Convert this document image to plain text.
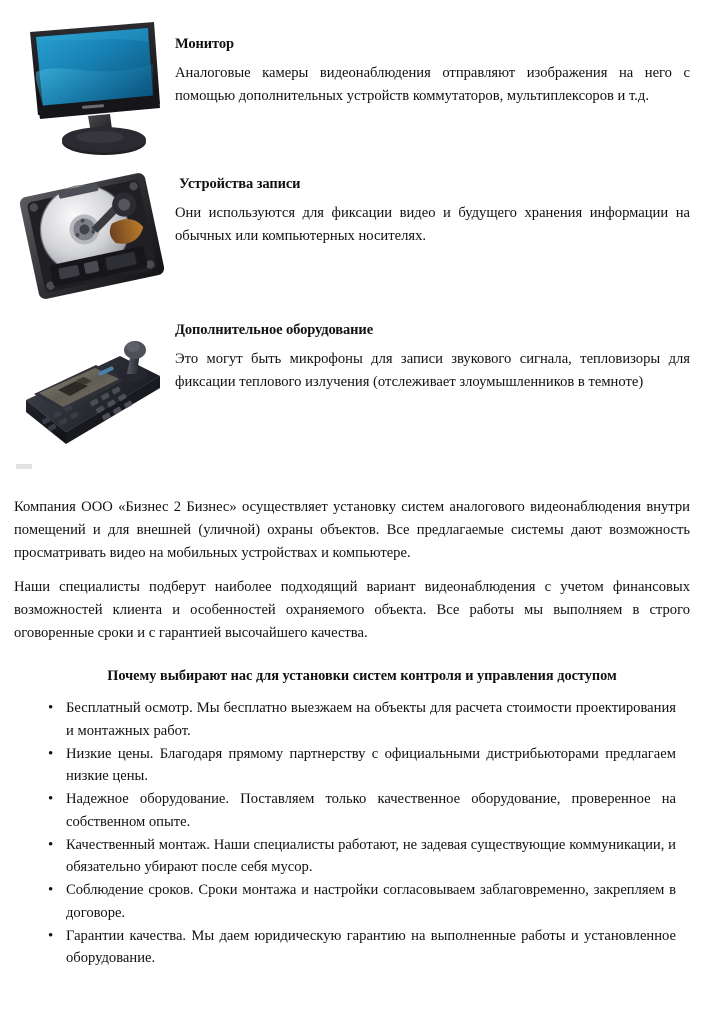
Монитор

Аналоговые камеры видеонаблюдения отправляют изображения на него с помощью дополнительных устройств коммутаторов, мультиплексоров и т.д.

Устройства записи

Они используются для фиксации видео и будущего хранения информации на обычных или компьютерных носителях.

Дополнительное оборудование

Это могут быть микрофоны для записи звукового сигнала, тепловизоры для фиксации теплового излучения (отслеживает злоумышленников в темноте)

Компания ООО «Бизнес 2 Бизнес» осуществляет установку систем аналогового видеонаблюдения внутри помещений и для внешней (уличной) охраны объектов. Все предлагаемые системы дают возможность просматривать видео на мобильных устройствах и компьютере.

Наши специалисты подберут наиболее подходящий вариант видеонаблюдения с учетом финансовых возможностей клиента и особенностей охраняемого объекта. Все работы мы выполняем в строго оговоренные сроки и с гарантией высочайшего качества.

Почему выбирают нас для установки систем контроля и управления доступом
• Бесплатный осмотр. Мы бесплатно выезжаем на объекты для расчета стоимости проектирования и монтажных работ.
• Низкие цены. Благодаря прямому партнерству с официальными дистрибьюторами предлагаем низкие цены.
• Надежное оборудование. Поставляем только качественное оборудование, проверенное на собственном опыте.
• Качественный монтаж. Наши специалисты работают, не задевая существующие коммуникации, и обязательно убирают после себя мусор.
• Соблюдение сроков. Сроки монтажа и настройки согласовываем заблаговременно, закрепляем в договоре.
• Гарантии качества. Мы даем юридическую гарантию на выполненные работы и установленное оборудование.
